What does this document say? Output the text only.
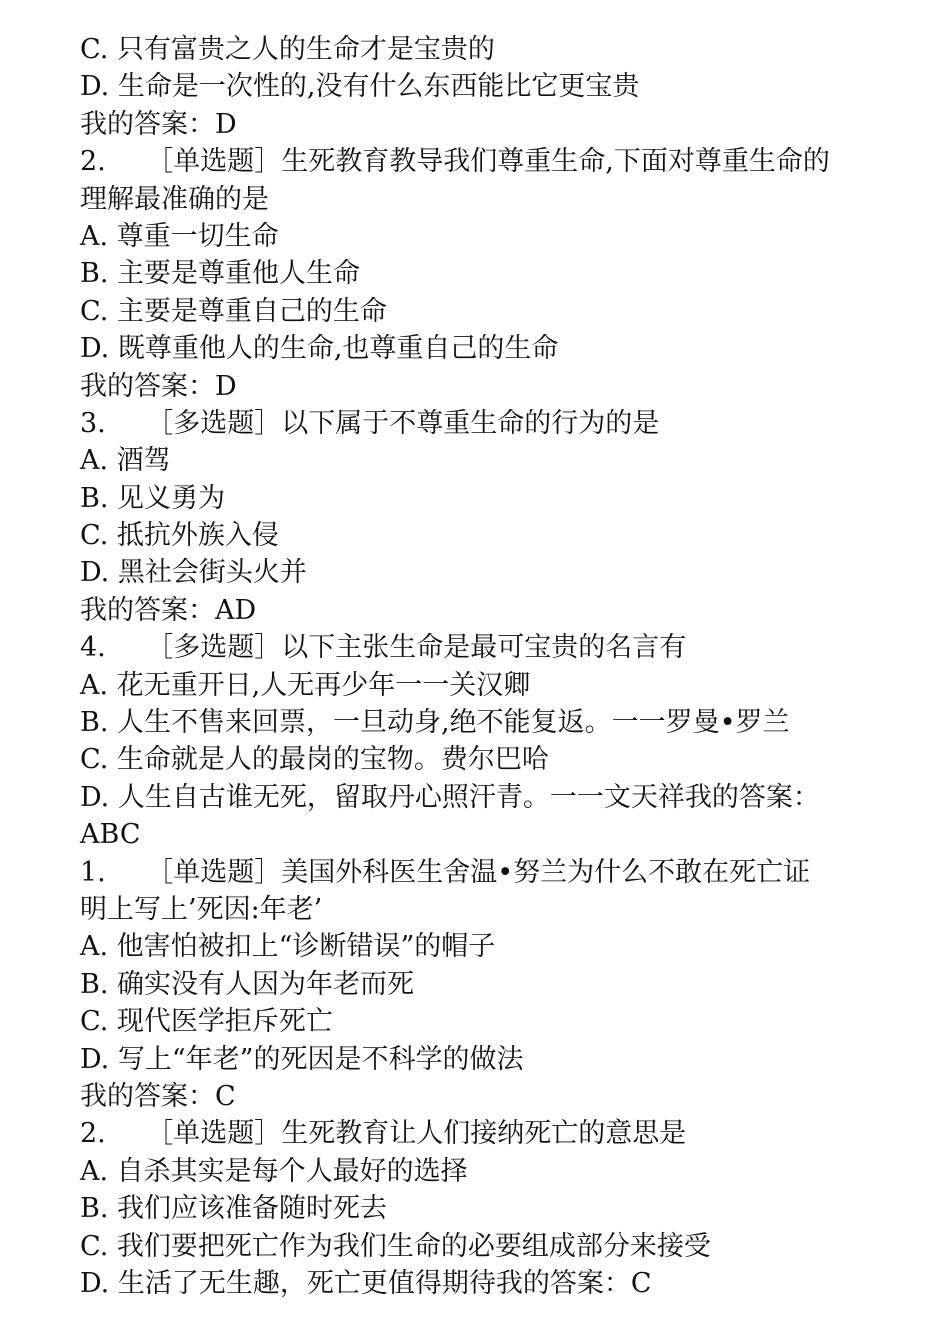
C. 只有富贵之人的生命才是宝贵的
D. 生命是一次性的,没有什么东西能比它更宝贵
我的答案：D
2.　　［单选题］生死教育教导我们尊重生命,下面对尊重生命的
理解最准确的是
A. 尊重一切生命
B. 主要是尊重他人生命
C. 主要是尊重自己的生命
D. 既尊重他人的生命,也尊重自己的生命
我的答案：D
3.　　［多选题］以下属于不尊重生命的行为的是
A. 酒驾
B. 见义勇为
C. 抵抗外族入侵
D. 黑社会街头火并
我的答案：AD
4.　　［多选题］以下主张生命是最可宝贵的名言有
A. 花无重开日,人无再少年一一关汉卿
B. 人生不售来回票，一旦动身,绝不能复返。一一罗曼•罗兰
C. 生命就是人的最岗的宝物。费尔巴哈
D. 人生自古谁无死，留取丹心照汗青。一一文天祥我的答案：
ABC
1.　　［单选题］美国外科医生舍温•努兰为什么不敢在死亡证
明上写上’死因:年老’
A. 他害怕被扣上“诊断错误”的帽子
B. 确实没有人因为年老而死
C. 现代医学拒斥死亡
D. 写上“年老”的死因是不科学的做法
我的答案：C
2.　　［单选题］生死教育让人们接纳死亡的意思是
A. 自杀其实是每个人最好的选择
B. 我们应该准备随时死去
C. 我们要把死亡作为我们生命的必要组成部分来接受
D. 生活了无生趣，死亡更值得期待我的答案：C
